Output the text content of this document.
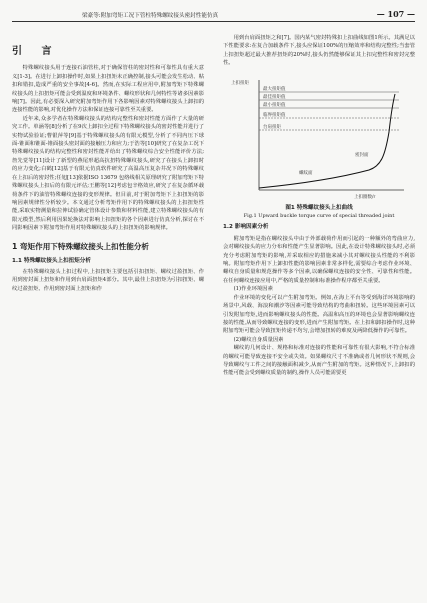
梁豪等:附加弯矩工况下管柱特殊螺纹接头密封性能仿真	— 107 —
引 言

特殊螺纹接头用于连接石油管柱,对于确保管柱的密封性和可靠性具有重大意义[1-3]。在进行上卸扣操作时,如果上扣扭矩未正确控制,接头可能会发生松动、粘扣和错扣,造成严重的安全事故[4-6]。然而,在实际工程应用中,附加弯矩下特殊螺纹接头的上扣扭矩可能会受到温度和环境条件、螺纹形状和几何特性等诸多因素影响[7]。因此,有必要深入研究附加弯矩作用下各影响因素对特殊螺纹接头上卸扣的连接性能的影响,对优化操作方法和保证连接可靠性至关重要。

近年来,众多学者在特殊螺纹接头的结构完整性和密封性能方面作了大量的研究工作。单涵等[8]分析了在9次上卸扣全过程下特殊螺纹接头的密封性能并进行了实物试验验证;曹银萍等[9]基于特殊螺纹接头的有限元模型,分析了不同内压下球面-锥面和锥面-锥面接头密封面的接触压力和应力;于浩等[10]研究了在复杂工况下特殊螺纹接头的结构完整性和密封性能并给出了特殊螺纹综合安全性能评价方法;詹先觉等[11]设计了新型的燕尾形超高抗扭特殊螺纹接头,研究了在接头上卸扣时的应力变化;白鹤[12]基于有限元仿真软件研究了高温高压复杂井况下的特殊螺纹在上扣后的密封性;任旭[13]依据ISO 13679 包络线相关原理研究了附加弯矩下特殊螺纹接头上扣后的有限元评估;王鹏等[12]考虑包辛格效应,研究了在复杂循环载荷条件下的油管特殊螺纹连接的变形规律。但目前,对于附加弯矩下上扣扭矩的影响因素规律性分析较少。本文通过分析弯矩作用下的特殊螺纹接头的上扣扭矩性能,采取实物测量和拉伸试验确定管体设计参数和材料性能,建立特殊螺纹接头的有限元模型,然后利用因果轮换法对影响上扣扭矩的各个因素进行仿真分析,探讨在不同影响因素下附加弯矩作用对特殊螺纹接头的上扣扭矩的影响规律。

1 弯矩作用下特殊螺纹接头上扣性能分析
1.1 特殊螺纹接头上扣扭矩分析

在特殊螺纹接头上扣过程中,上扣扭矩主要包括引扣扭矩、螺纹过盈扭矩、作用到密封面上扭矩和作用到台肩面扭矩4部分。其中,最佳上扣扭矩为引扣扭矩、螺纹过盈扭矩、作用到密封面上扭矩和作

用到台肩面扭矩之和[7]。国内某气密封特殊扣上扣曲线如图1所示。其满足以下性能要求:在复合加载条件下,接头应保证100%的压缩效率和结构完整性;当套管上扣扭矩超过最大推荐扭矩的20%时,接头仍然能够保证其上扣完整性和密封完整性。

上扣扭矩
上扣圈数/r
最大扭矩值
最佳扭矩值
最小扭矩值
临界扭矩值
台肩扭矩
螺纹面
密封面
图1 特殊螺纹接头上扣曲线
Fig.1 Upward buckle torque curve of special threaded joint
1.2 影响因素分析

附加弯矩是指在螺纹接头中由于外部载荷作用而引起的一种额外的弯曲应力,会对螺纹接头的应力分布和性能产生显著影响。因此,在设计特殊螺纹接头时,必须充分考虑附加弯矩的影响,并采取相应的措施来减小其对螺纹接头性能的不利影响。附加弯矩作用下上卸扣性能的影响因素非常多样化,需要综合考虑作业环境、螺纹自身质量和规范操作等多个因素,以确保螺纹连接的安全性、可靠性和性能。在任何螺纹连接应用中,严格的质量控制和标准操作程序都至关重要。

(1)作业环境因素

作业环境的变化可以产生附加弯矩。例如,在海上平台等受到海洋环境影响的场景中,风载、海浪和潮汐等因素可能导致结构的弯曲和扭转。这些环境因素可以引发附加弯矩,进而影响螺纹接头的性能。高温和高压的环境也会显著影响螺纹连接的性能,从而导致螺纹连接的变形,进而产生附加弯矩。在上扣和卸扣操作时,这种附加弯矩可能会导致扭矩传递不均匀,会增加扭转的难度及两降低操作的可靠性。

(2)螺纹自身质量因素

螺纹的几何设计、规格和标准对连接的性能和可靠性有很大影响,不符合标准的螺纹可能导致连接不安全或失效。如果螺纹尺寸不准确或者几何形状不规则,会导致螺纹与工件之间的接触面积减少,从而产生附加的弯矩。这种情况下,上卸扣的性能可能会受到螺纹质量的制约,操作人员可能需要更
